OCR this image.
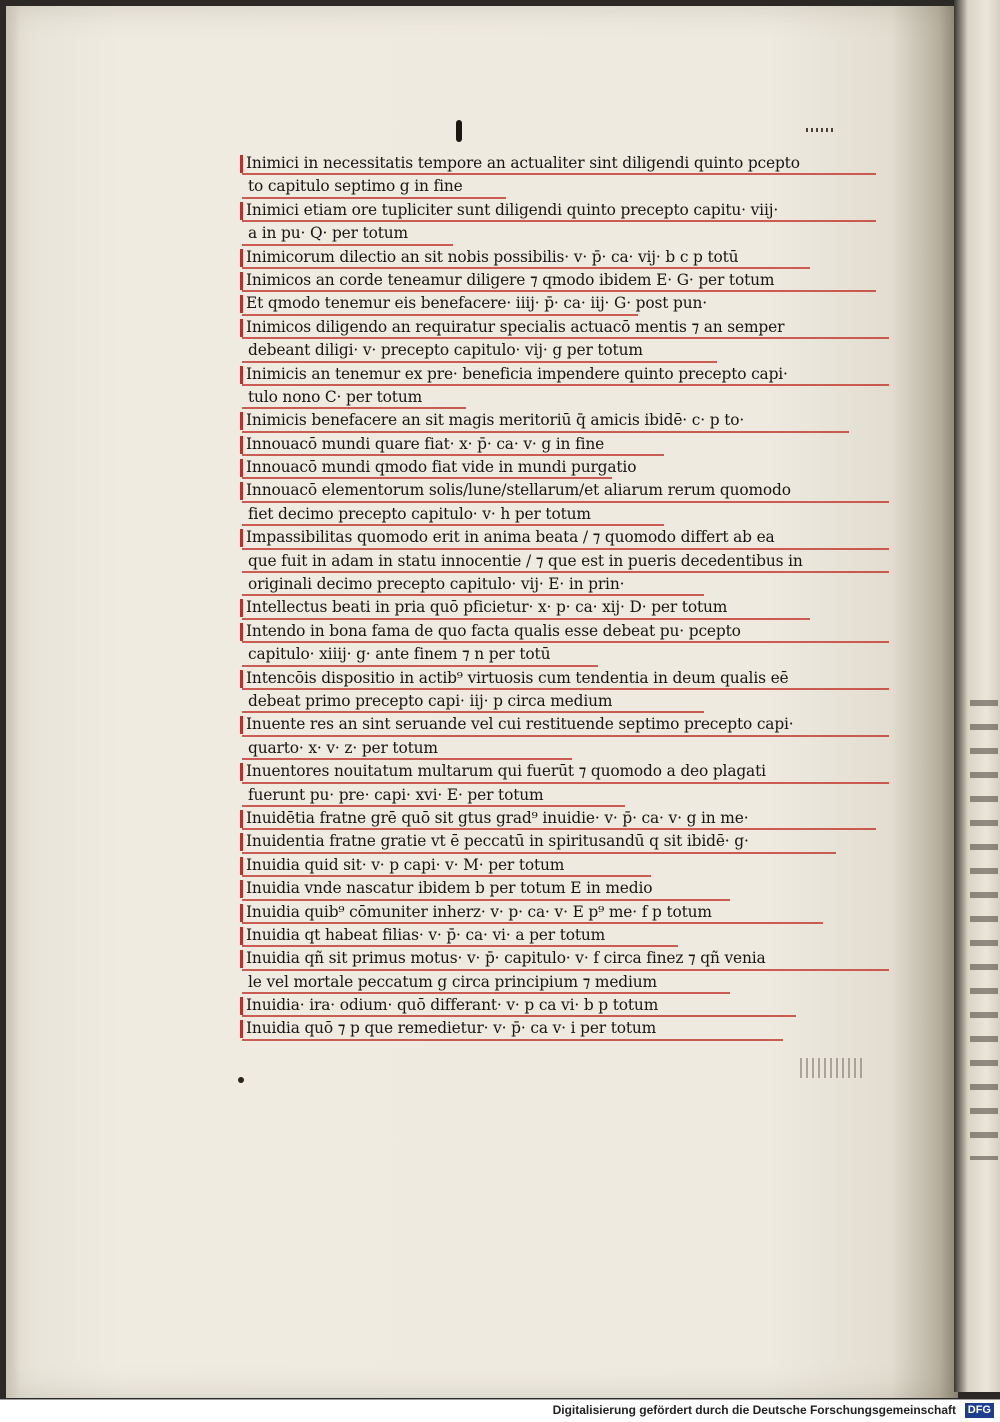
Inimici in necessitatis tempore an actualiter sint diligendi quinto pcepto
to capitulo septimo g in fine
Inimici etiam ore tupliciter sunt diligendi quinto precepto capitu· viij·
a in pu· Q· per totum
Inimicorum dilectio an sit nobis possibilis· v· p̄· ca· vij· b c p totū
Inimicos an corde teneamur diligere ⁊ qmodo ibidem E· G· per totum
Et qmodo tenemur eis benefacere· iiij· p̄· ca· iij· G· post pun·
Inimicos diligendo an requiratur specialis actuacō mentis ⁊ an semper
debeant diligi· v· precepto capitulo· vij· g per totum
Inimicis an tenemur ex pre· beneficia impendere quinto precepto capi·
tulo nono C· per totum
Inimicis benefacere an sit magis meritoriū q̄ amicis ibidē· c· p to·
Innouacō mundi quare fiat· x· p̄· ca· v· g in fine
Innouacō mundi qmodo fiat vide in mundi purgatio
Innouacō elementorum solis/lune/stellarum/et aliarum rerum quomodo
fiet decimo precepto capitulo· v· h per totum
Impassibilitas quomodo erit in anima beata / ⁊ quomodo differt ab ea
que fuit in adam in statu innocentie / ⁊ que est in pueris decedentibus in
originali decimo precepto capitulo· vij· E· in prin·
Intellectus beati in pria quō pficietur· x· p· ca· xij· D· per totum
Intendo in bona fama de quo facta qualis esse debeat pu· pcepto
capitulo· xiiij· g· ante finem ⁊ n per totū
Intencōis dispositio in actib⁹ virtuosis cum tendentia in deum qualis eē
debeat primo precepto capi· iij· p circa medium
Inuente res an sint seruande vel cui restituende septimo precepto capi·
quarto· x· v· z· per totum
Inuentores nouitatum multarum qui fuerūt ⁊ quomodo a deo plagati
fuerunt pu· pre· capi· xvi· E· per totum
Inuidētia fratne grē quō sit gtus grad⁹ inuidie· v· p̄· ca· v· g in me·
Inuidentia fratne gratie vt ē peccatū in spiritusandū q sit ibidē· g·
Inuidia quid sit· v· p capi· v· M· per totum
Inuidia vnde nascatur ibidem b per totum E in medio
Inuidia quib⁹ cōmuniter inherz· v· p· ca· v· E p⁹ me· f p totum
Inuidia qt habeat filias· v· p̄· ca· vi· a per totum
Inuidia qñ sit primus motus· v· p̄· capitulo· v· f circa finez ⁊ qñ venia
le vel mortale peccatum g circa principium ⁊ medium
Inuidia· ira· odium· quō differant· v· p ca vi· b p totum
Inuidia quō ⁊ p que remedietur· v· p̄· ca v· i per totum
Digitalisierung gefördert durch die Deutsche Forschungsgemeinschaft DFG
